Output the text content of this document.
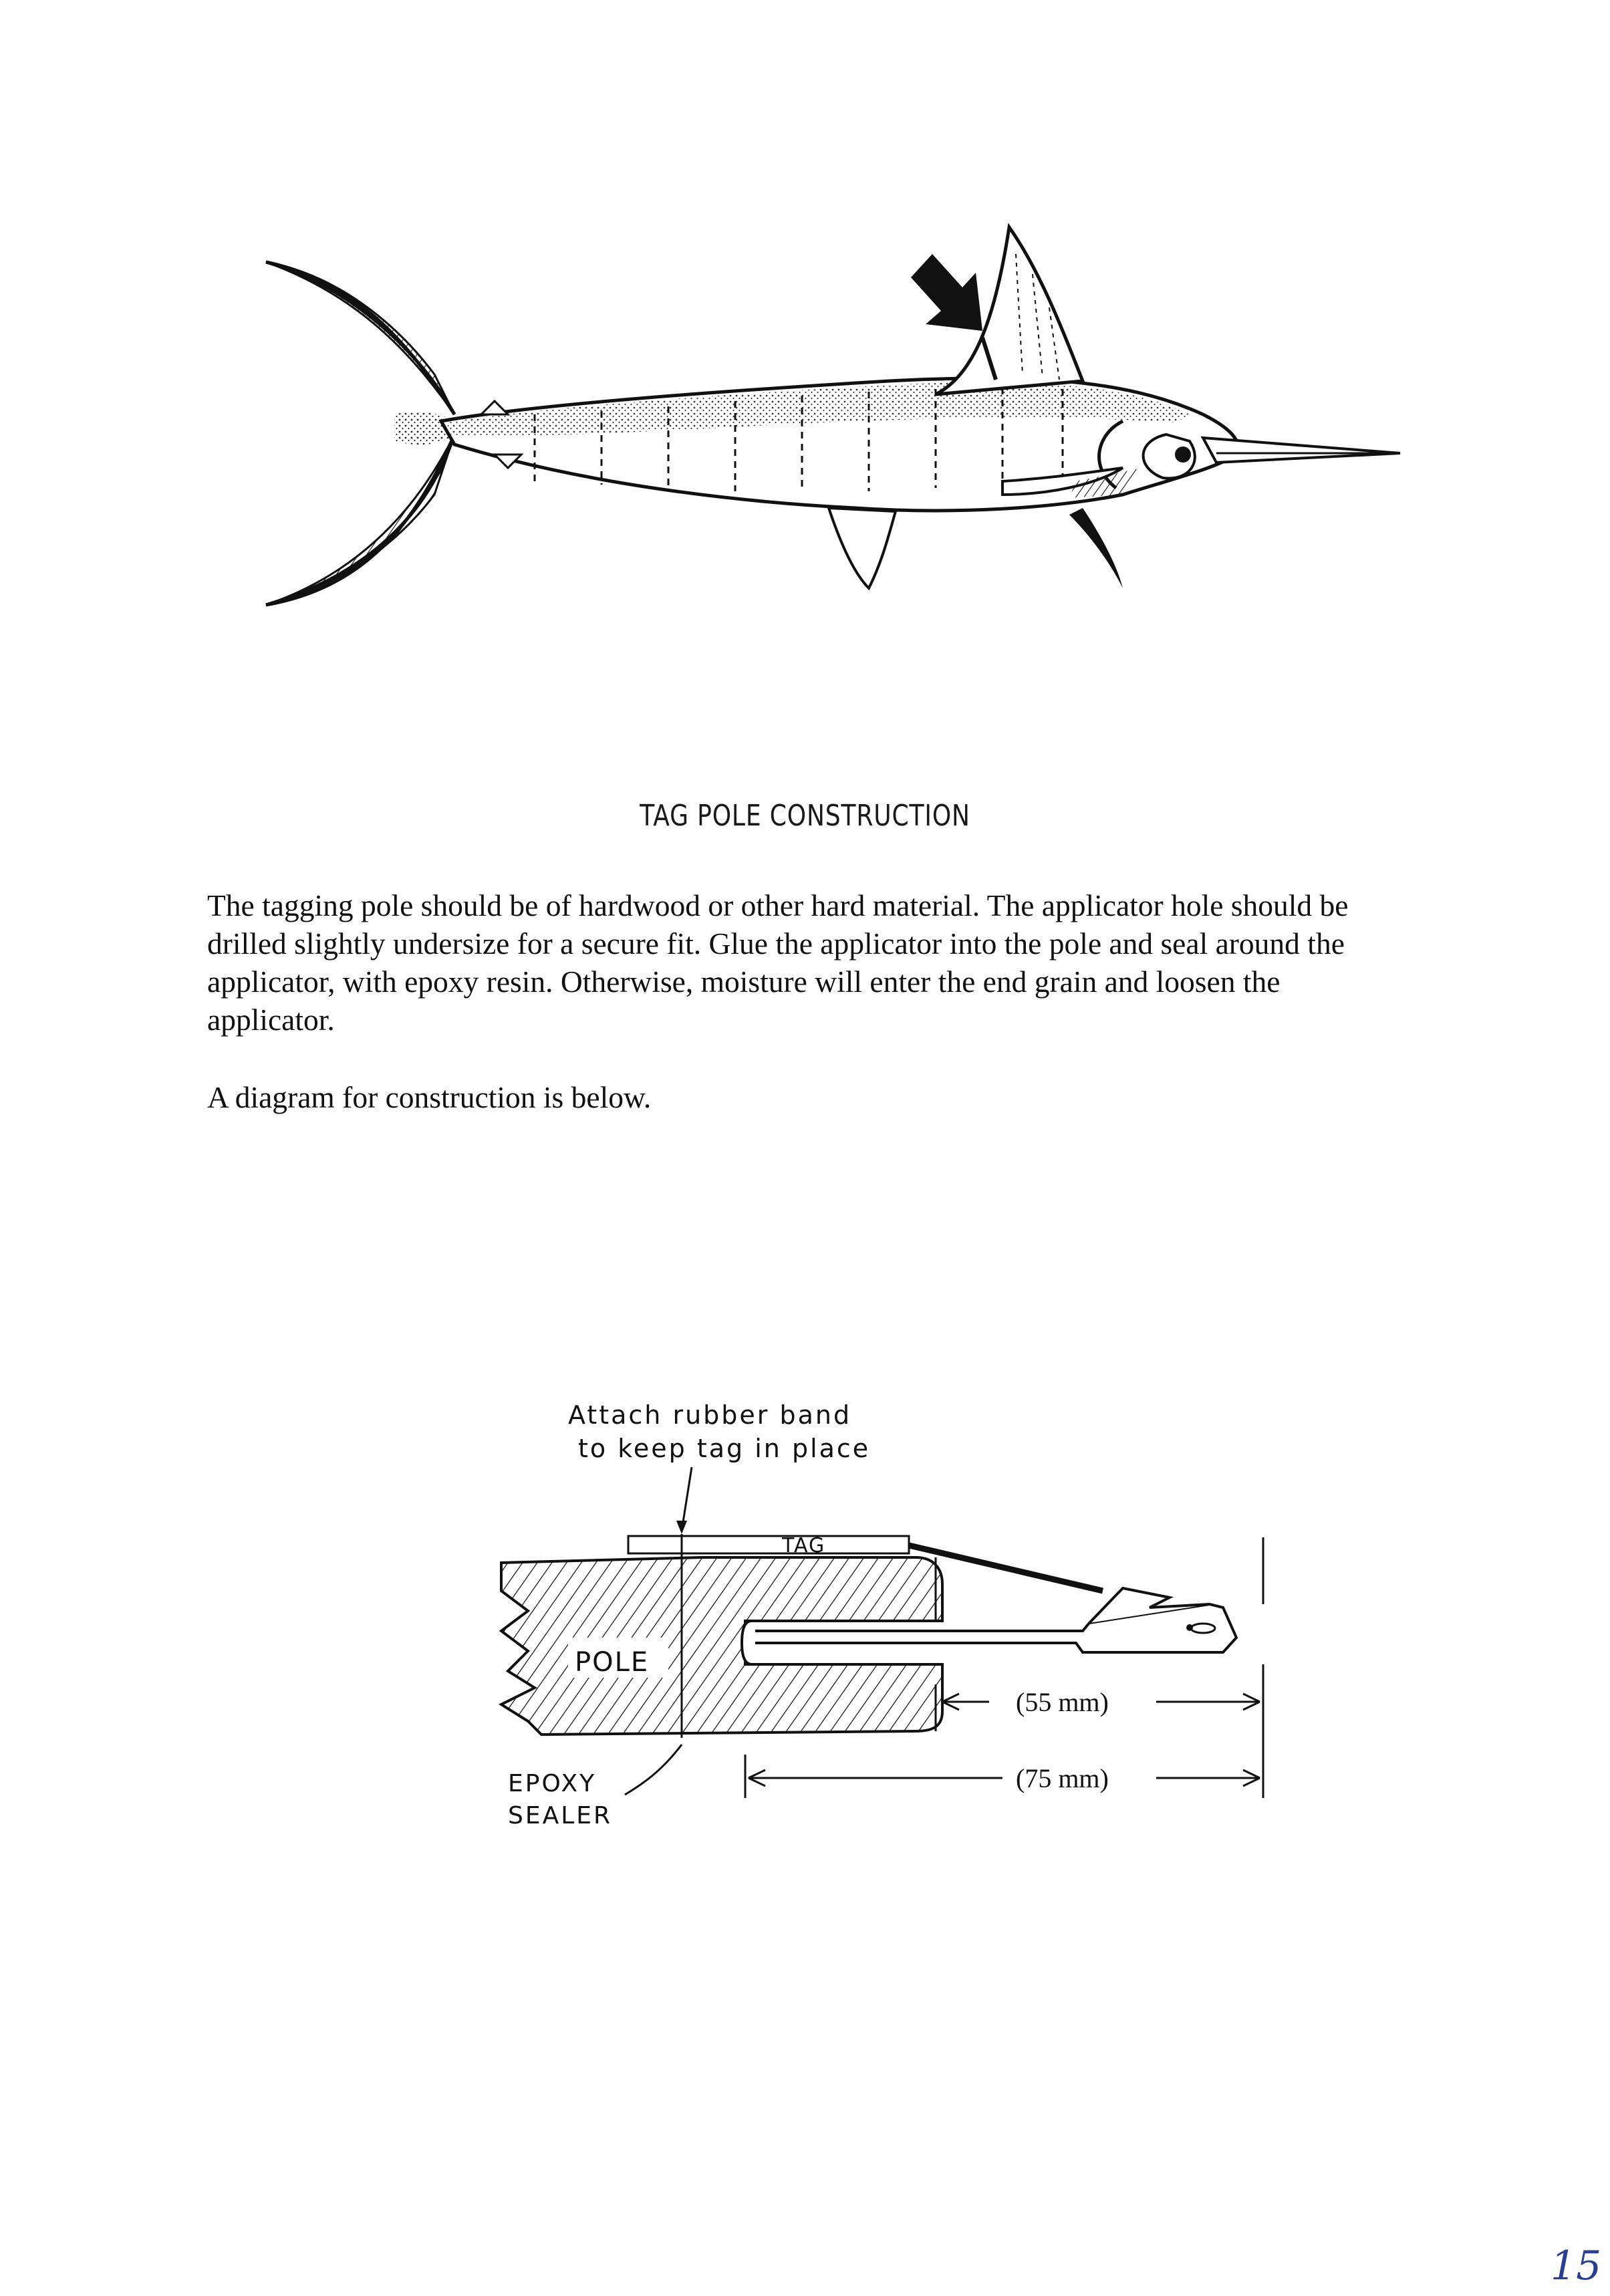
TAG POLE CONSTRUCTION

The tagging pole should be of hardwood or other hard material. The applicator hole should be drilled slightly undersize for a secure fit. Glue the applicator into the pole and seal around the applicator, with epoxy resin. Otherwise, moisture will enter the end grain and loosen the applicator.

A diagram for construction is below.

Attach rubber band
to keep tag in place
TAG
POLE
(55 mm)
(75 mm)
EPOXY
SEALER
15
